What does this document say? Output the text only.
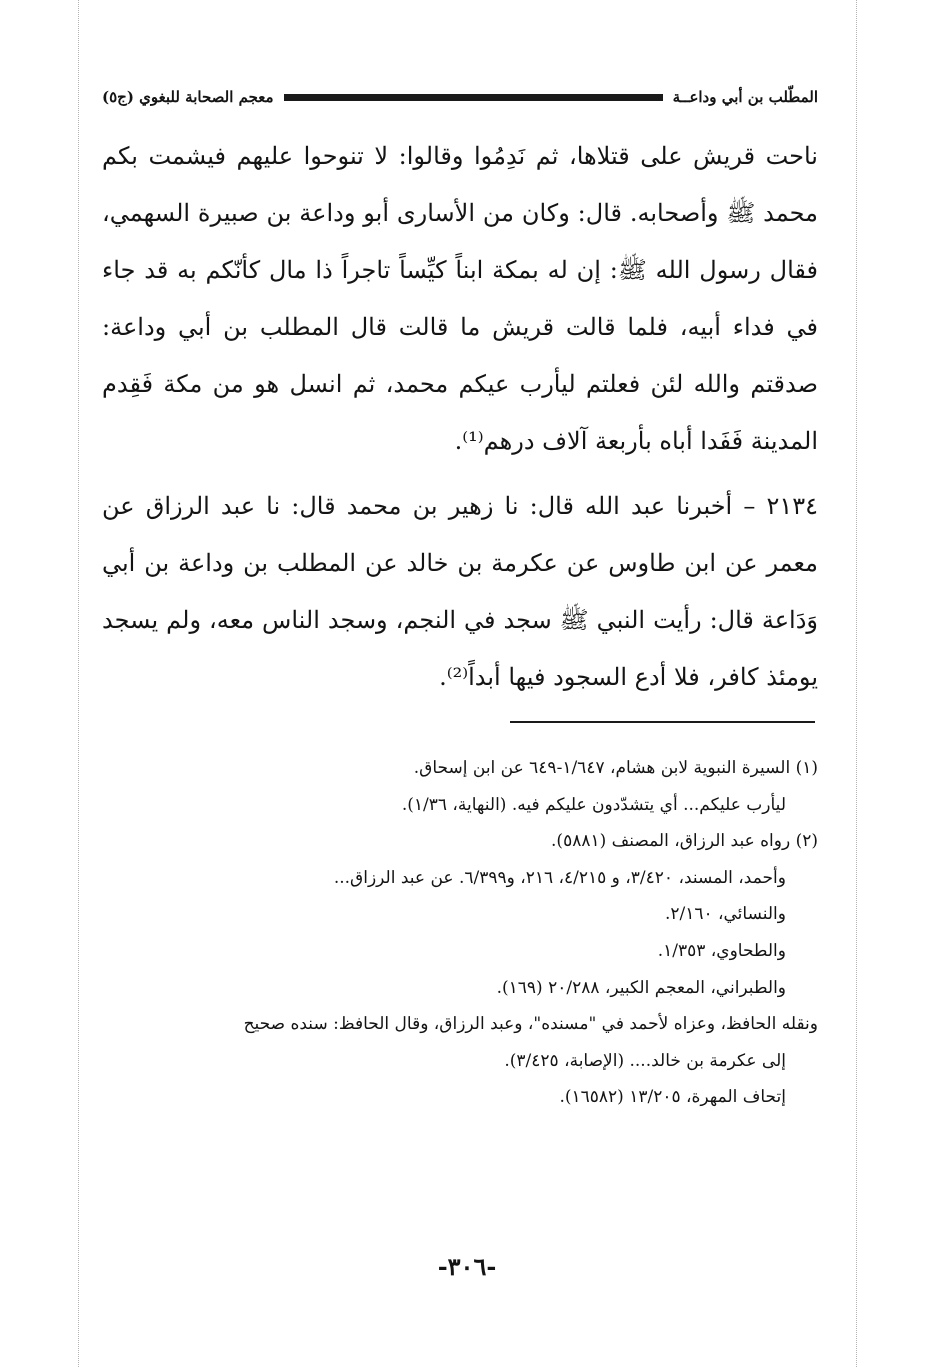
المطّلب بن أبي وداعــة
معجم الصحابة للبغوي (ج٥)

ناحت قريش على قتلاها، ثم نَدِمُوا وقالوا: لا تنوحوا عليهم فيشمت بكم محمد ﷺ وأصحابه. قال: وكان من الأسارى أبو وداعة بن صبيرة السهمي، فقال رسول الله ﷺ: إن له بمكة ابناً كيِّساً تاجراً ذا مال كأنّكم به قد جاء في فداء أبيه، فلما قالت قريش ما قالت قال المطلب بن أبي وداعة: صدقتم والله لئن فعلتم ليأرب عيكم محمد، ثم انسل هو من مكة فَقِدم المدينة فَفَدا أباه بأربعة آلاف درهم⁽¹⁾.

٢١٣٤ – أخبرنا عبد الله قال: نا زهير بن محمد قال: نا عبد الرزاق عن معمر عن ابن طاوس عن عكرمة بن خالد عن المطلب بن وداعة بن أبي وَدَاعة قال: رأيت النبي ﷺ سجد في النجم، وسجد الناس معه، ولم يسجد يومئذ كافر، فلا أدع السجود فيها أبداً⁽²⁾.

(١) السيرة النبوية لابن هشام، ١/٦٤٧-٦٤٩ عن ابن إسحاق.

ليأرب عليكم... أي يتشدّدون عليكم فيه. (النهاية، ١/٣٦).

(٢) رواه عبد الرزاق، المصنف (٥٨٨١).

وأحمد، المسند، ٣/٤٢٠، و ٤/٢١٥، ٢١٦، و٦/٣٩٩. عن عبد الرزاق...

والنسائي، ٢/١٦٠.

والطحاوي، ١/٣٥٣.

والطبراني، المعجم الكبير، ٢٠/٢٨٨ (١٦٩).

ونقله الحافظ، وعزاه لأحمد في "مسنده"، وعبد الرزاق، وقال الحافظ: سنده صحيح

إلى عكرمة بن خالد.... (الإصابة، ٣/٤٢٥).

إتحاف المهرة، ١٣/٢٠٥ (١٦٥٨٢).

-٣٠٦-
